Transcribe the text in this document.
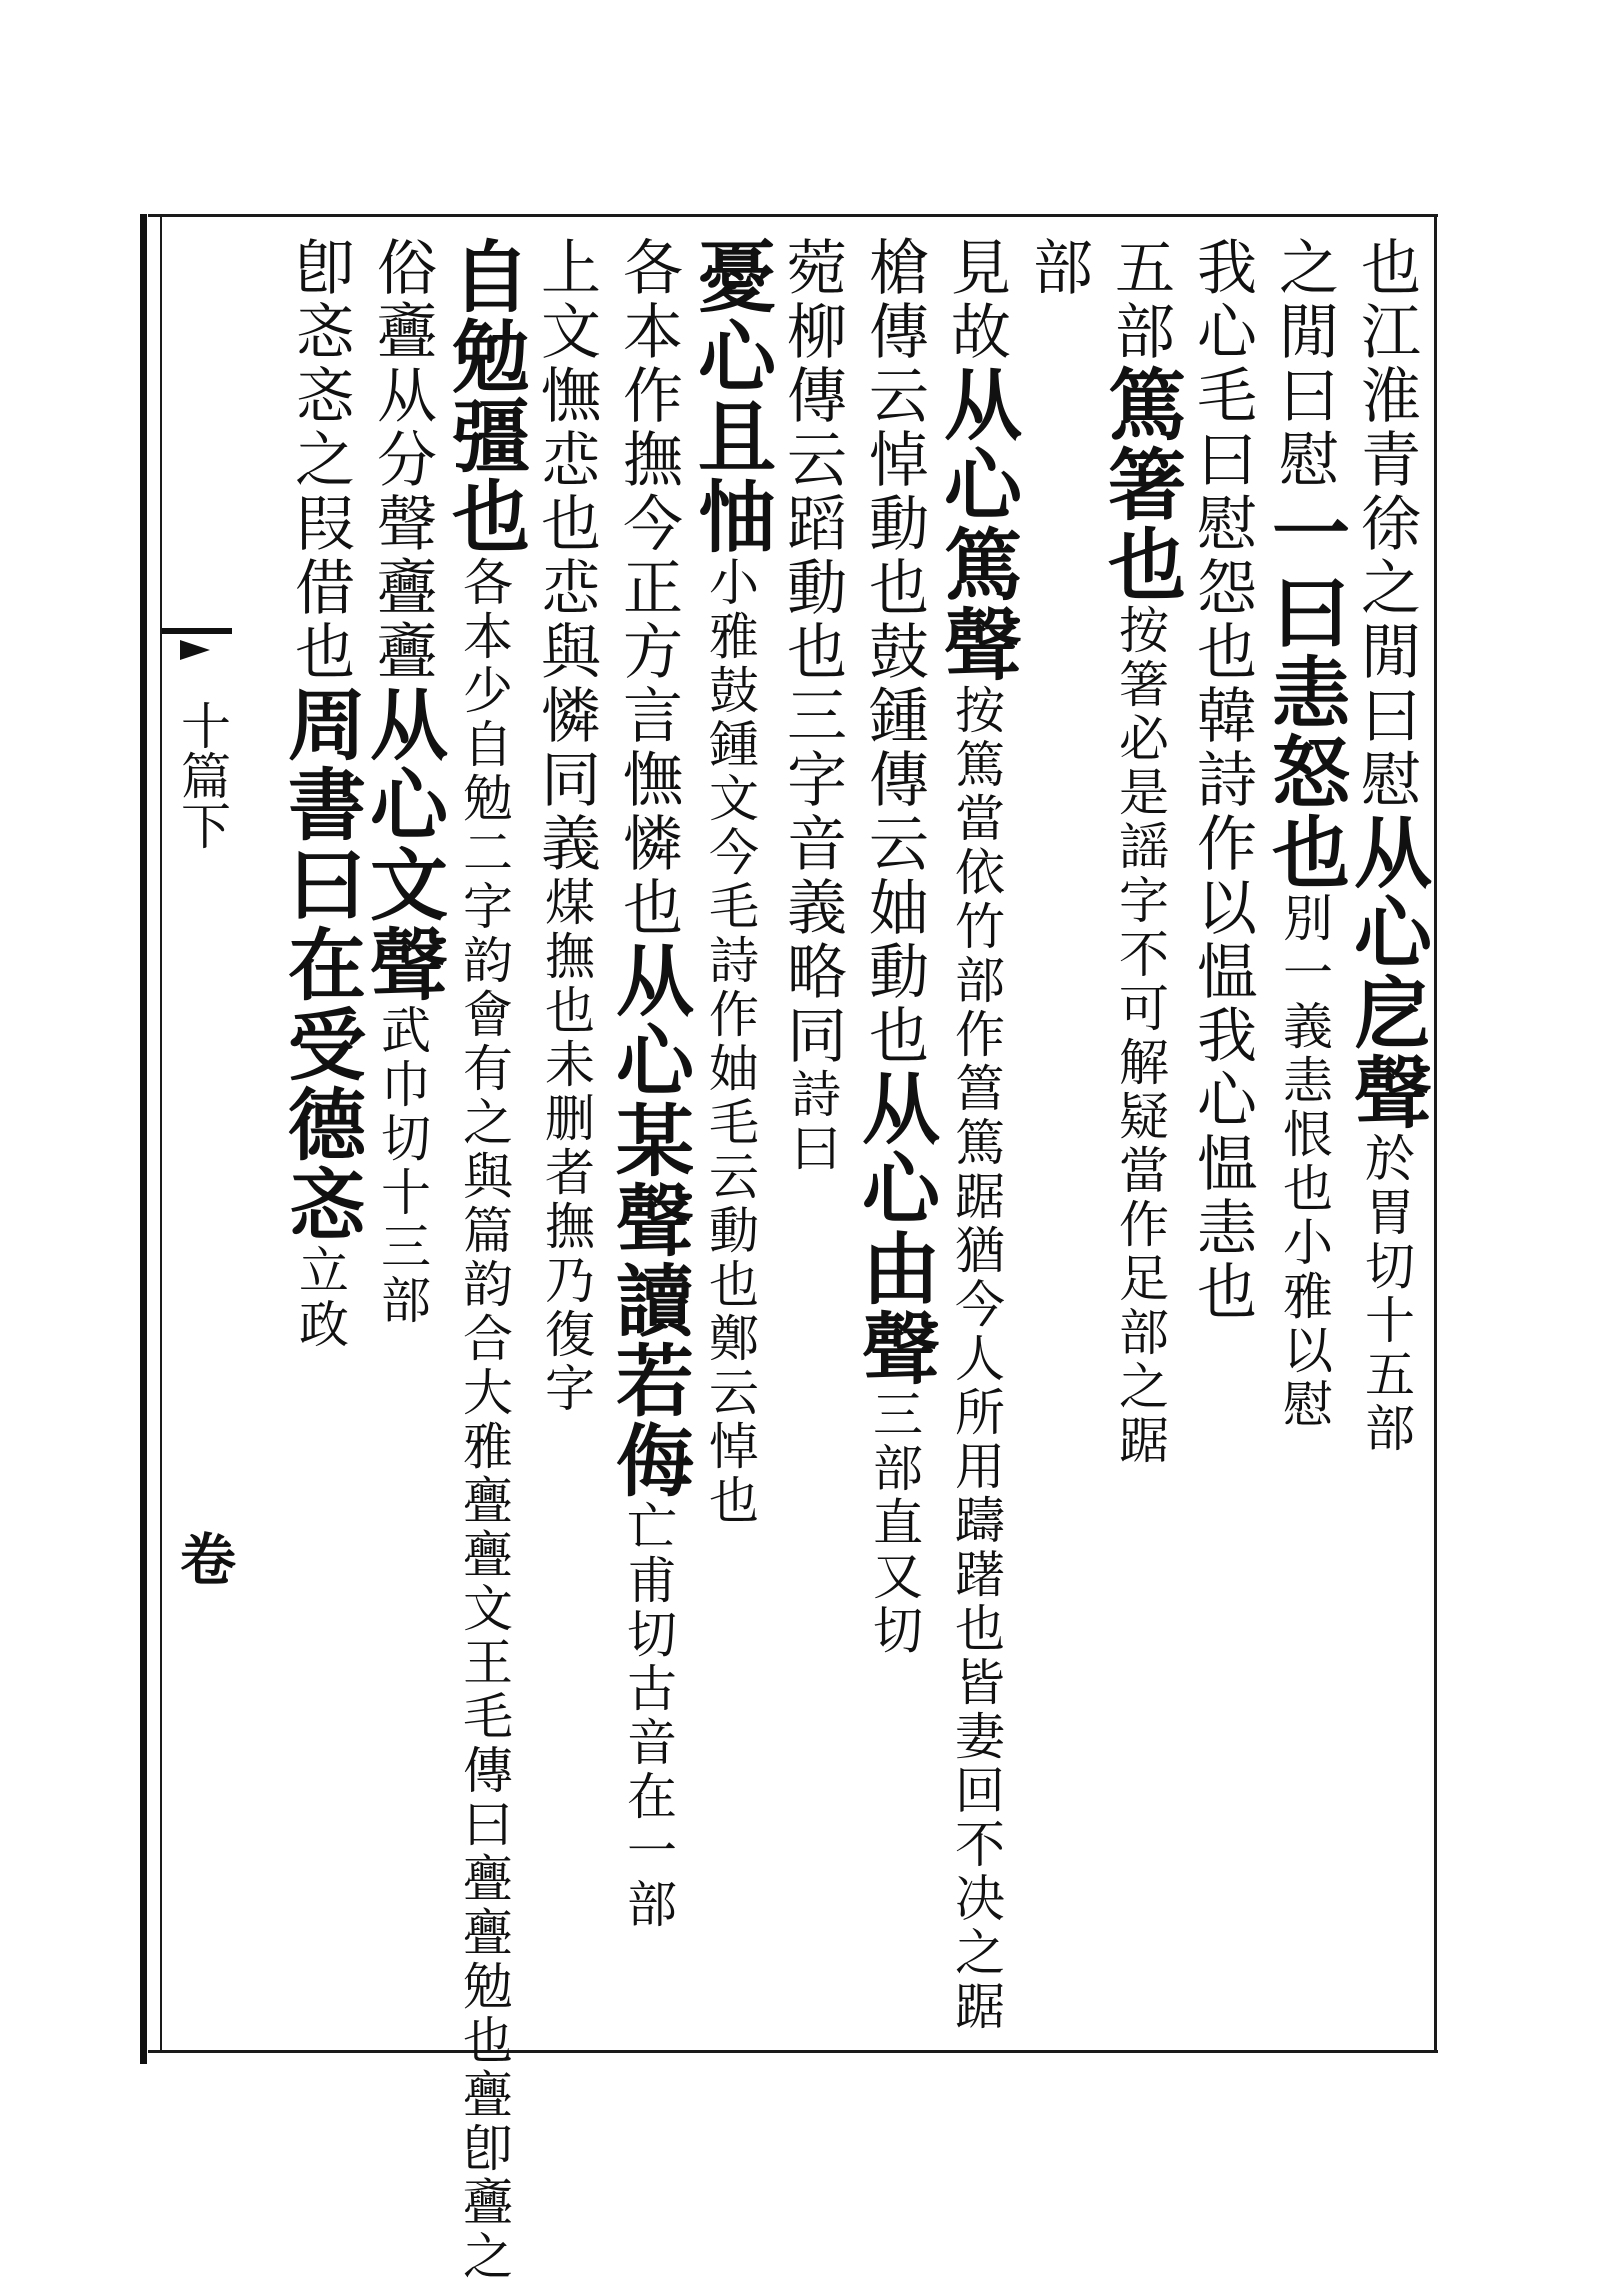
十篇下
卷
也江淮青徐之閒曰慰从心戹聲於胃切十五部
之閒曰慰一曰恚怒也別一義恚恨也小雅以慰
我心毛曰慰怨也韓詩作以愠我心愠恚也
五部篤箸也按箸必是謡字不可解疑當作足部之踞
部
見故从心篤聲按篤當依竹部作䈞篤踞猶今人所用躊躇也皆妻回不决之踞
槍傳云悼動也鼓鍾傳云妯動也从心由聲三部直又切
菀柳傳云蹈動也三字音義略同詩曰
憂心且怞小雅鼓鍾文今毛詩作妯毛云動也鄭云悼也
各本作撫今正方言憮憐也从心某聲讀若侮亡甫切古音在一部
上文憮怷也怷與憐同義煤撫也未删者撫乃復字
自勉彊也各本少自勉二字韵會有之與篇韵合大雅亹亹文王毛傳曰亹亹勉也亹卽斖之
俗斖从分聲斖斖从心文聲武巾切十三部
卽忞忞之叚借也周書曰在受德忞立政
